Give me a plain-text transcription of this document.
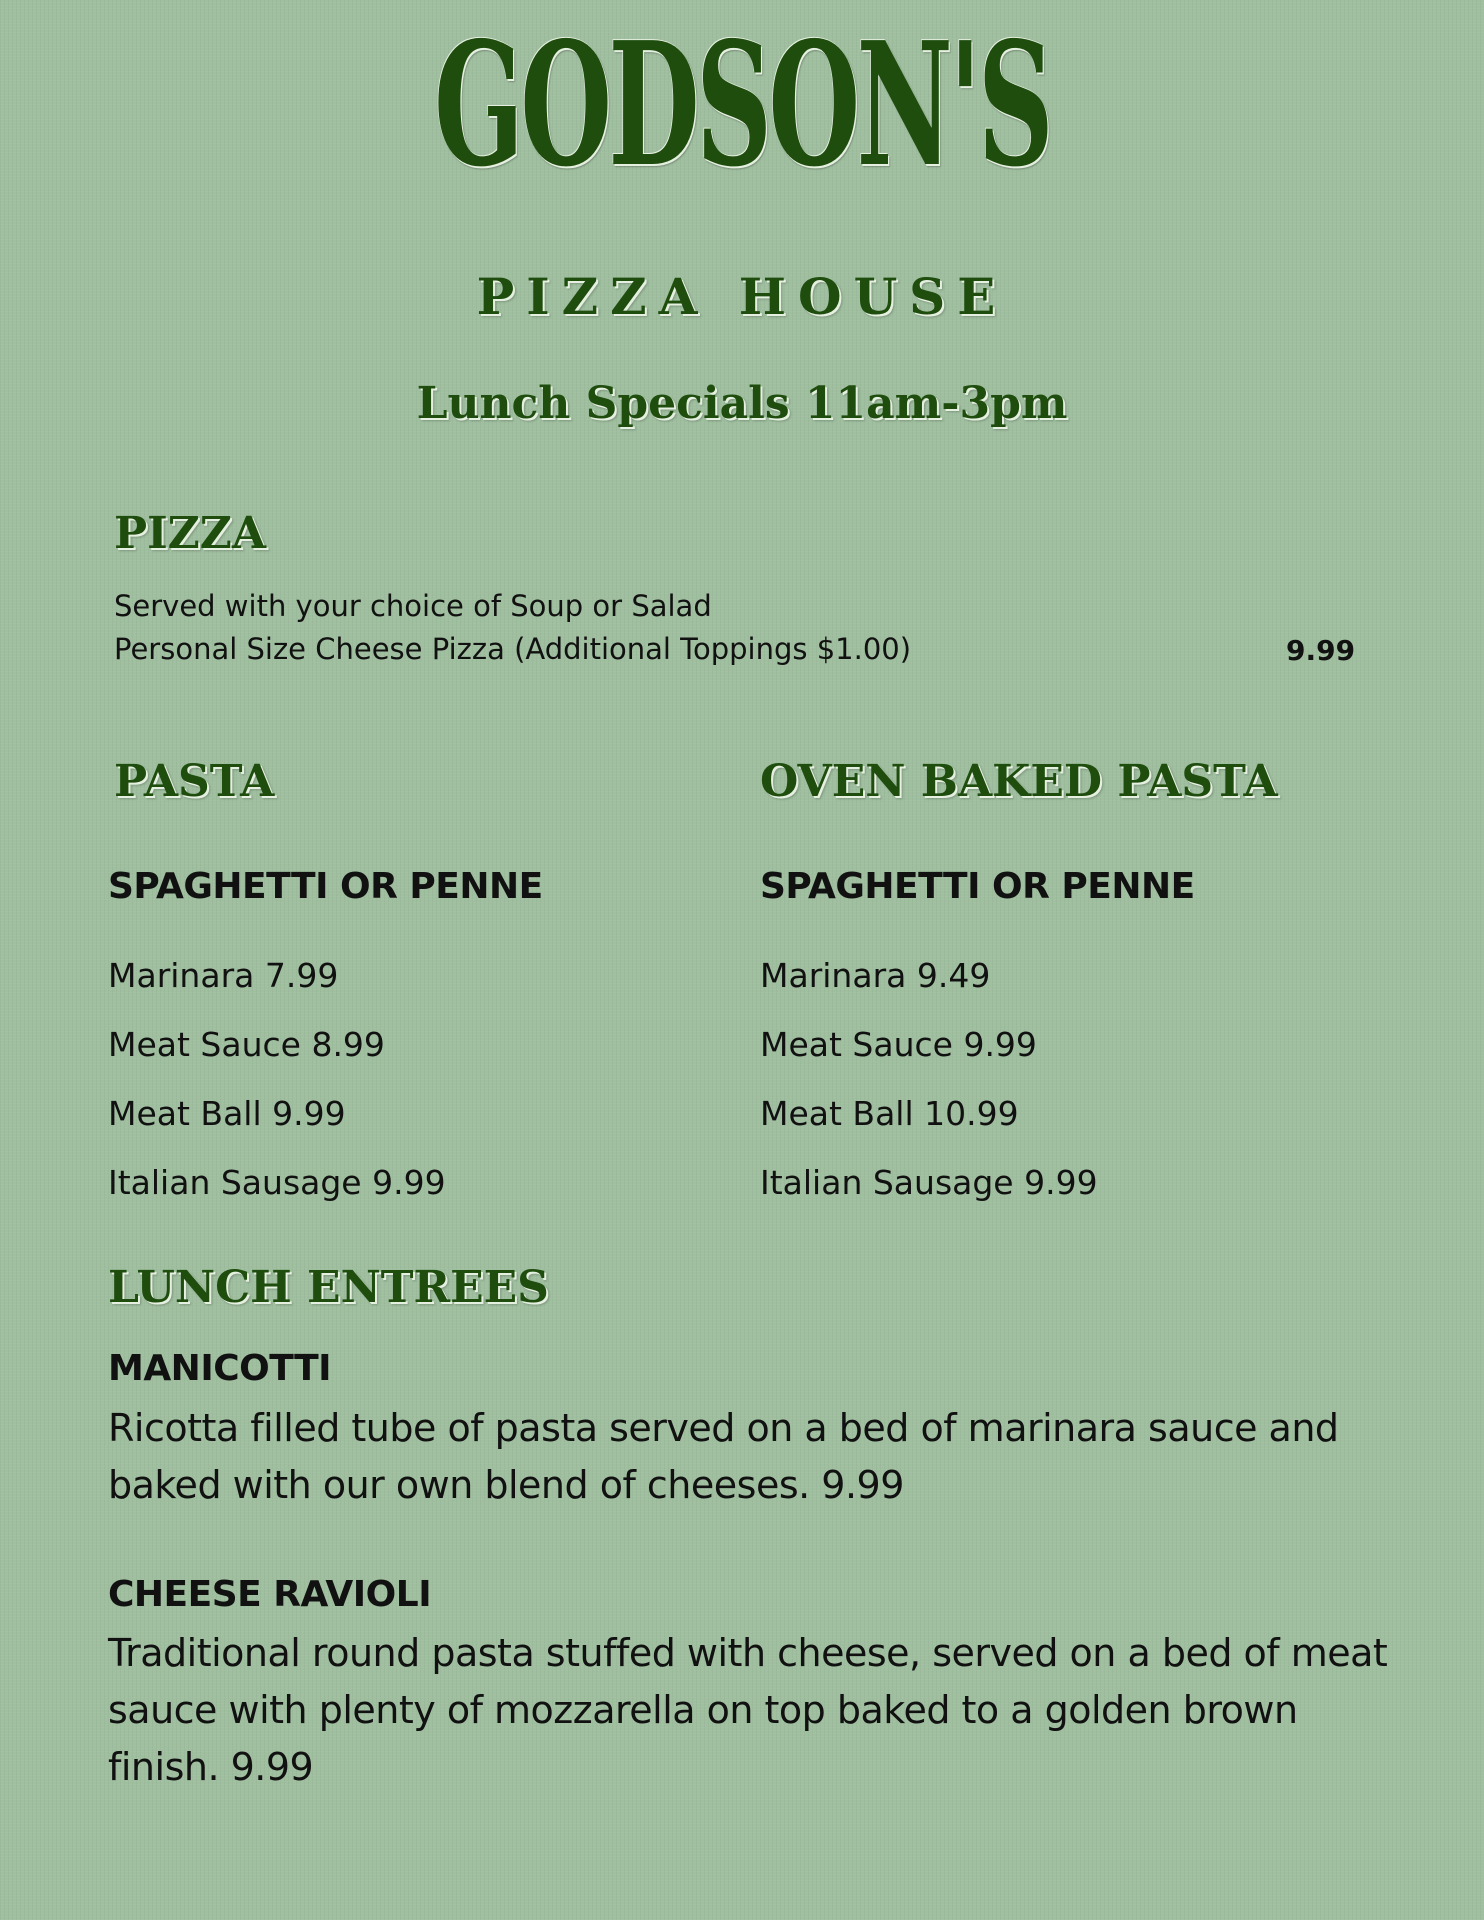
GODSON'S
PIZZA HOUSE
Lunch Specials 11am-3pm
PIZZA
Served with your choice of Soup or Salad
Personal Size Cheese Pizza (Additional Toppings $1.00)	9.99
PASTA
SPAGHETTI OR PENNE
Marinara 7.99
Meat Sauce 8.99
Meat Ball 9.99
Italian Sausage 9.99
OVEN BAKED PASTA
SPAGHETTI OR PENNE
Marinara 9.49
Meat Sauce 9.99
Meat Ball 10.99
Italian Sausage 9.99
LUNCH ENTREES
MANICOTTI
Ricotta filled tube of pasta served on a bed of marinara sauce and baked with our own blend of cheeses. 9.99
CHEESE RAVIOLI
Traditional round pasta stuffed with cheese, served on a bed of meat sauce with plenty of mozzarella on top baked to a golden brown finish. 9.99
